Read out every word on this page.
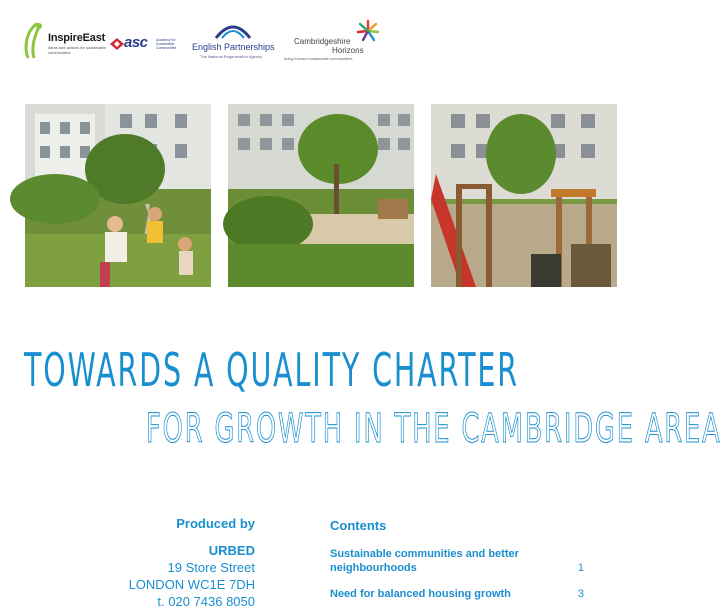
InspireEast
ideas and actions for sustainable communities
asc Academy for Sustainable Communities English Partnerships
The National Regeneration Agency
Cambridgeshire
Horizons
living forward sustainable communities
TOWARDS A QUALITY CHARTER
FOR GROWTH IN THE CAMBRIDGE AREA
Produced by
URBED
19 Store Street
LONDON WC1E 7DH
t. 020 7436 8050
Contents
Sustainable communities and better neighbourhoods	1
Need for balanced housing growth	3
